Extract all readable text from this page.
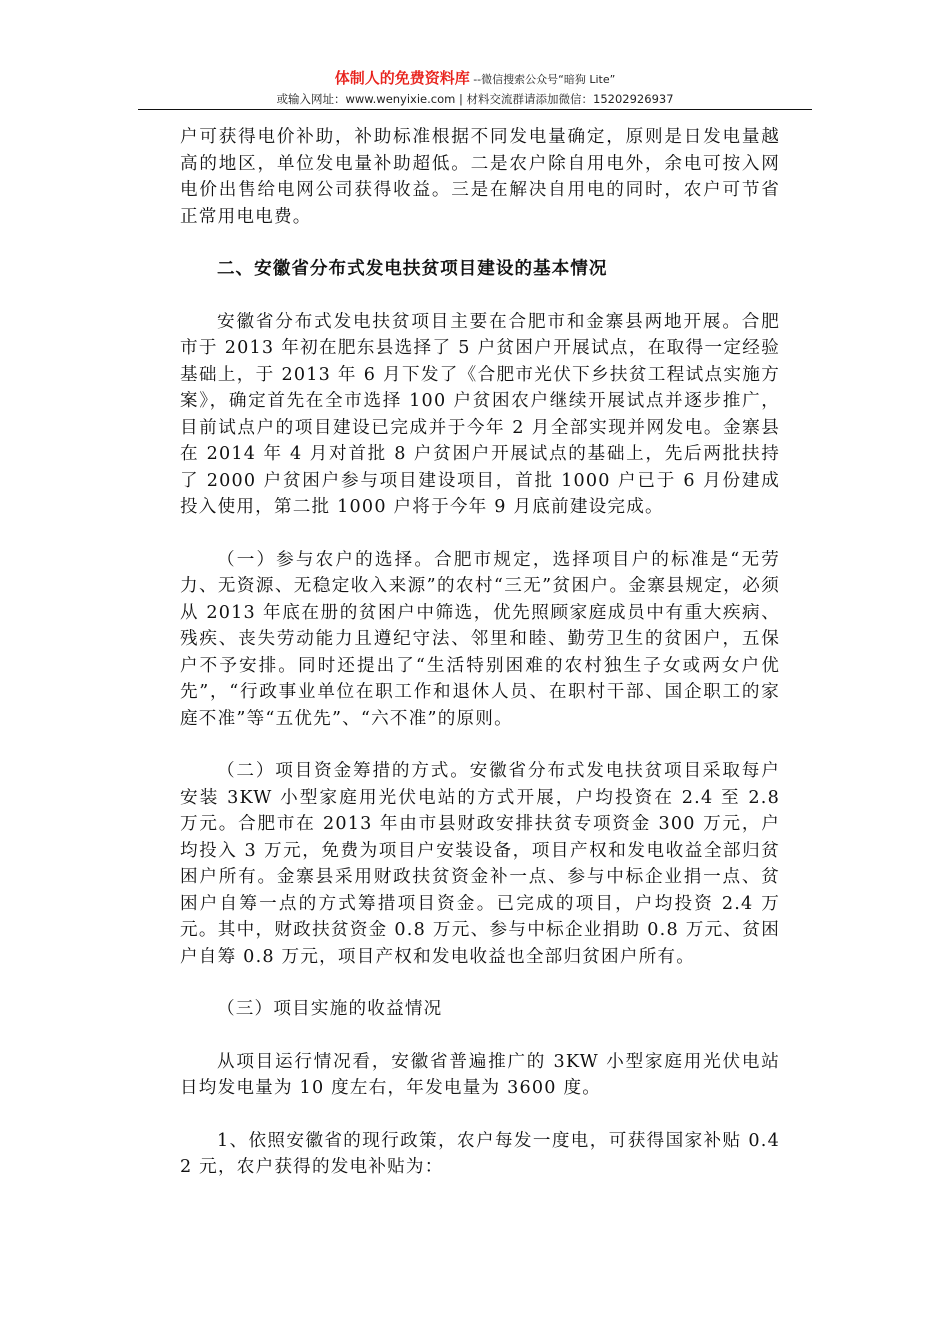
体制人的免费资料库 --微信搜索公众号“暗狗 Lite”
或输入网址：www.wenyixie.com | 材料交流群请添加微信：15202926937

户可获得电价补助，补助标准根据不同发电量确定，原则是日发电量越高的地区，单位发电量补助超低。二是农户除自用电外，余电可按入网电价出售给电网公司获得收益。三是在解决自用电的同时，农户可节省正常用电电费。

二、安徽省分布式发电扶贫项目建设的基本情况

安徽省分布式发电扶贫项目主要在合肥市和金寨县两地开展。合肥市于 2013 年初在肥东县选择了 5 户贫困户开展试点，在取得一定经验基础上，于 2013 年 6 月下发了《合肥市光伏下乡扶贫工程试点实施方案》，确定首先在全市选择 100 户贫困农户继续开展试点并逐步推广，目前试点户的项目建设已完成并于今年 2 月全部实现并网发电。金寨县在 2014 年 4 月对首批 8 户贫困户开展试点的基础上，先后两批扶持了 2000 户贫困户参与项目建设项目，首批 1000 户已于 6 月份建成投入使用，第二批 1000 户将于今年 9 月底前建设完成。

（一）参与农户的选择。合肥市规定，选择项目户的标准是“无劳力、无资源、无稳定收入来源”的农村“三无”贫困户。金寨县规定，必须从 2013 年底在册的贫困户中筛选，优先照顾家庭成员中有重大疾病、残疾、丧失劳动能力且遵纪守法、邻里和睦、勤劳卫生的贫困户，五保户不予安排。同时还提出了“生活特别困难的农村独生子女或两女户优先”，“行政事业单位在职工作和退休人员、在职村干部、国企职工的家庭不准”等“五优先”、“六不准”的原则。

（二）项目资金筹措的方式。安徽省分布式发电扶贫项目采取每户安装 3KW 小型家庭用光伏电站的方式开展，户均投资在 2.4 至 2.8 万元。合肥市在 2013 年由市县财政安排扶贫专项资金 300 万元，户均投入 3 万元，免费为项目户安装设备，项目产权和发电收益全部归贫困户所有。金寨县采用财政扶贫资金补一点、参与中标企业捐一点、贫困户自筹一点的方式筹措项目资金。已完成的项目，户均投资 2.4 万元。其中，财政扶贫资金 0.8 万元、参与中标企业捐助 0.8 万元、贫困户自筹 0.8 万元，项目产权和发电收益也全部归贫困户所有。

（三）项目实施的收益情况

从项目运行情况看，安徽省普遍推广的 3KW 小型家庭用光伏电站日均发电量为 10 度左右，年发电量为 3600 度。

1、依照安徽省的现行政策，农户每发一度电，可获得国家补贴 0.42 元，农户获得的发电补贴为：
